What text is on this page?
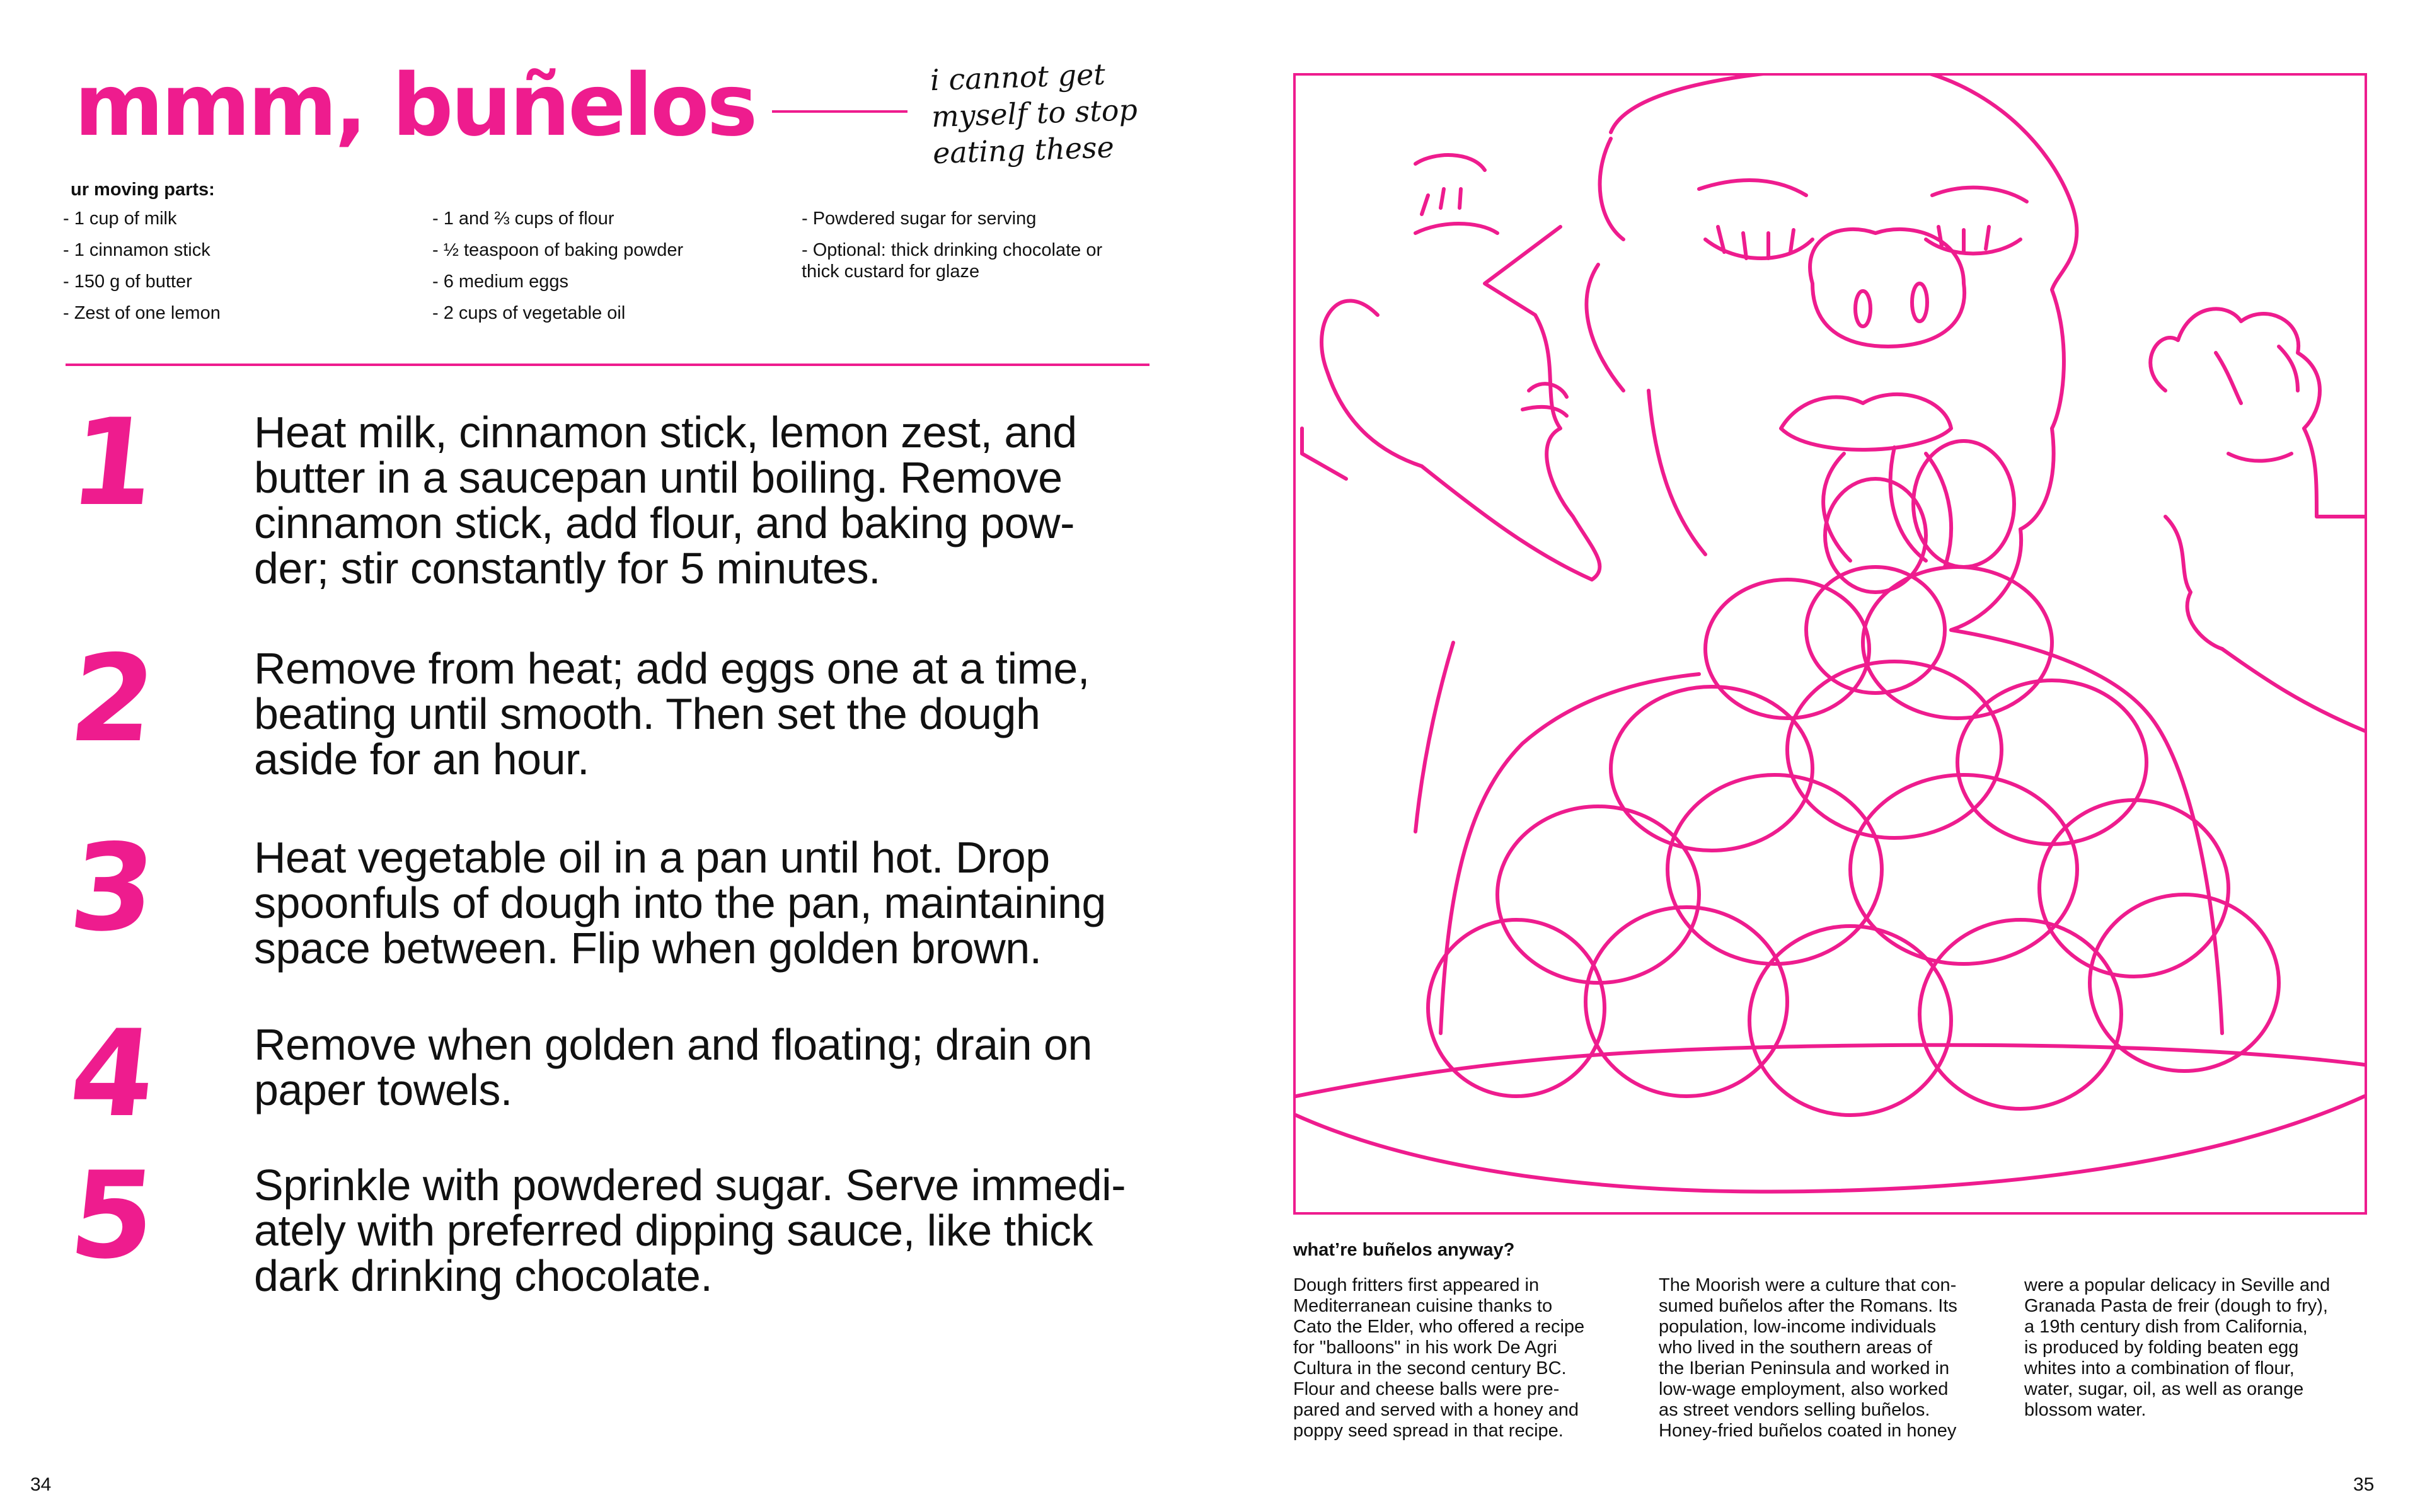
mmm, buñelos	i cannot get myself to stop eating these
ur moving parts:
- 1 cup of milk
- 1 cinnamon stick
- 150 g of butter
- Zest of one lemon
- 1 and ⅔ cups of flour
- ½ teaspoon of baking powder
- 6 medium eggs
- 2 cups of vegetable oil
- Powdered sugar for serving
- Optional: thick drinking chocolate or
thick custard for glaze
1 Heat milk, cinnamon stick, lemon zest, and
butter in a saucepan until boiling. Remove
cinnamon stick, add flour, and baking pow-
der; stir constantly for 5 minutes.
2 Remove from heat; add eggs one at a time,
beating until smooth. Then set the dough
aside for an hour.
3 Heat vegetable oil in a pan until hot. Drop
spoonfuls of dough into the pan, maintaining
space between. Flip when golden brown.
4 Remove when golden and floating; drain on
paper towels.
5 Sprinkle with powdered sugar. Serve immedi-
ately with preferred dipping sauce, like thick
dark drinking chocolate.
34
what’re buñelos anyway?
Dough fritters first appeared in
Mediterranean cuisine thanks to
Cato the Elder, who offered a recipe
for "balloons" in his work De Agri
Cultura in the second century BC.
Flour and cheese balls were pre-
pared and served with a honey and
poppy seed spread in that recipe.
The Moorish were a culture that con-
sumed buñelos after the Romans. Its
population, low-income individuals
who lived in the southern areas of
the Iberian Peninsula and worked in
low-wage employment, also worked
as street vendors selling buñelos.
Honey-fried buñelos coated in honey
were a popular delicacy in Seville and
Granada Pasta de freir (dough to fry),
a 19th century dish from California,
is produced by folding beaten egg
whites into a combination of flour,
water, sugar, oil, as well as orange
blossom water.
35
